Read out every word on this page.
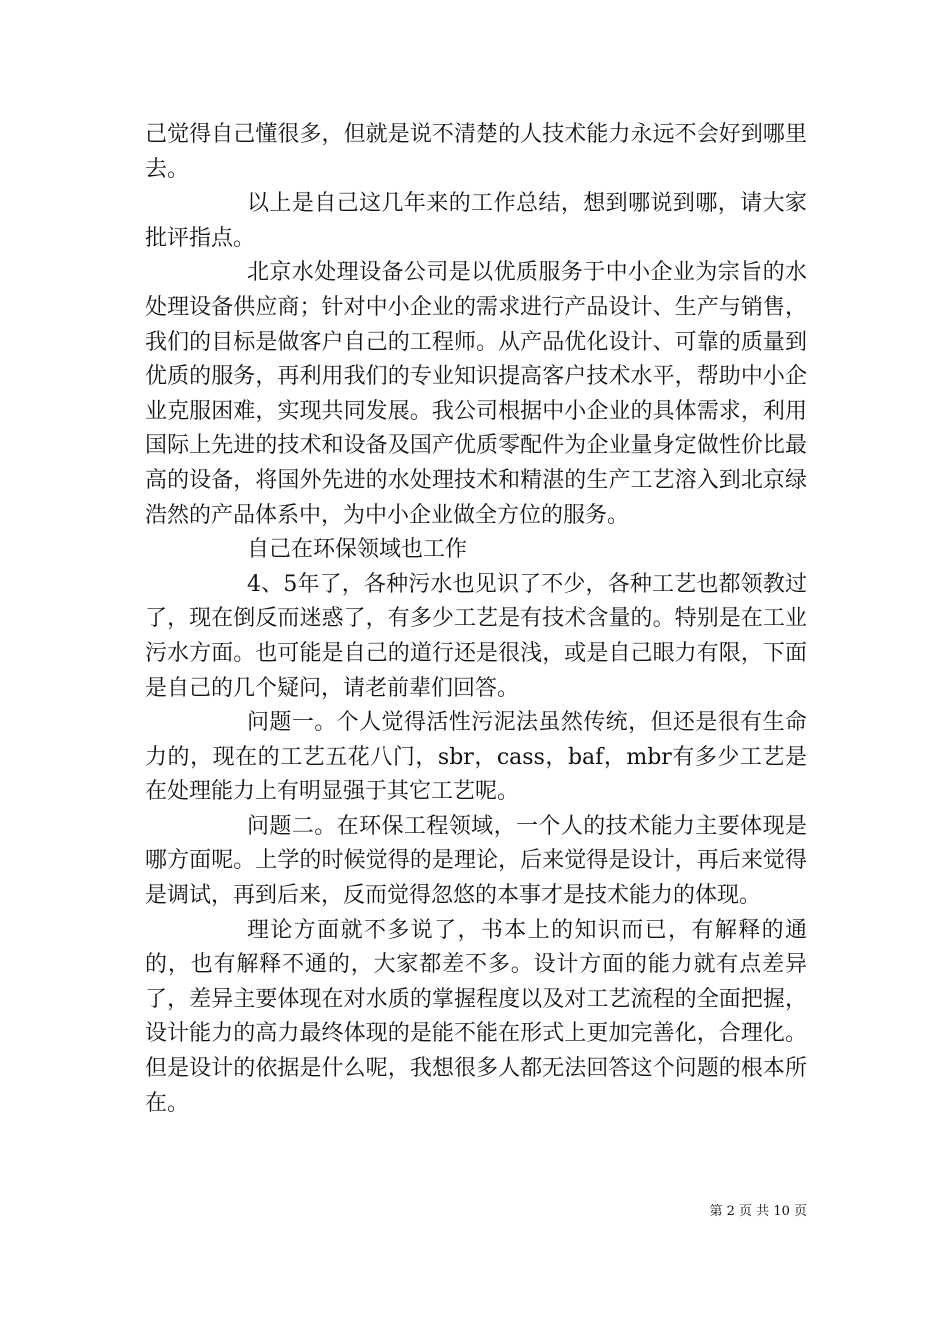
己觉得自己懂很多，但就是说不清楚的人技术能力永远不会好到哪里去。

以上是自己这几年来的工作总结，想到哪说到哪，请大家批评指点。

北京水处理设备公司是以优质服务于中小企业为宗旨的水处理设备供应商；针对中小企业的需求进行产品设计、生产与销售，我们的目标是做客户自己的工程师。从产品优化设计、可靠的质量到优质的服务，再利用我们的专业知识提高客户技术水平，帮助中小企业克服困难，实现共同发展。我公司根据中小企业的具体需求，利用国际上先进的技术和设备及国产优质零配件为企业量身定做性价比最高的设备，将国外先进的水处理技术和精湛的生产工艺溶入到北京绿浩然的产品体系中，为中小企业做全方位的服务。

自己在环保领域也工作

4、5年了，各种污水也见识了不少，各种工艺也都领教过了，现在倒反而迷惑了，有多少工艺是有技术含量的。特别是在工业污水方面。也可能是自己的道行还是很浅，或是自己眼力有限，下面是自己的几个疑问，请老前辈们回答。

问题一。个人觉得活性污泥法虽然传统，但还是很有生命力的，现在的工艺五花八门，sbr，cass，baf，mbr有多少工艺是在处理能力上有明显强于其它工艺呢。

问题二。在环保工程领域，一个人的技术能力主要体现是哪方面呢。上学的时候觉得的是理论，后来觉得是设计，再后来觉得是调试，再到后来，反而觉得忽悠的本事才是技术能力的体现。

理论方面就不多说了，书本上的知识而已，有解释的通的，也有解释不通的，大家都差不多。设计方面的能力就有点差异了，差异主要体现在对水质的掌握程度以及对工艺流程的全面把握，设计能力的高力最终体现的是能不能在形式上更加完善化，合理化。但是设计的依据是什么呢，我想很多人都无法回答这个问题的根本所在。

第 2 页 共 10 页
